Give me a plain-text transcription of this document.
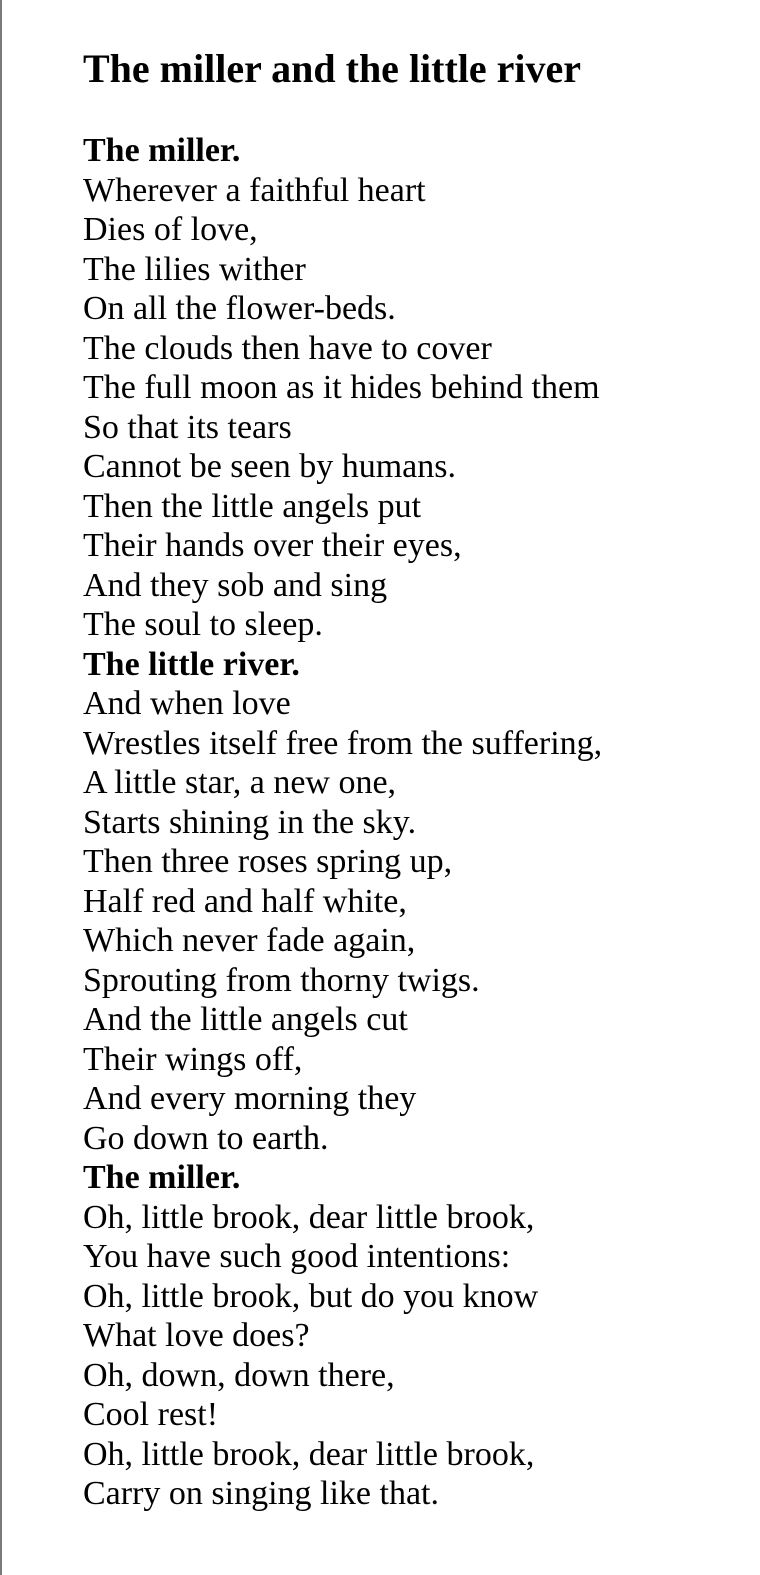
The miller and the little river
The miller.
Wherever a faithful heart
Dies of love,
The lilies wither
On all the flower-beds.
The clouds then have to cover
The full moon as it hides behind them
So that its tears
Cannot be seen by humans.
Then the little angels put
Their hands over their eyes,
And they sob and sing
The soul to sleep.
The little river.
And when love
Wrestles itself free from the suffering,
A little star, a new one,
Starts shining in the sky.
Then three roses spring up,
Half red and half white,
Which never fade again,
Sprouting from thorny twigs.
And the little angels cut
Their wings off,
And every morning they
Go down to earth.
The miller.
Oh, little brook, dear little brook,
You have such good intentions:
Oh, little brook, but do you know
What love does?
Oh, down, down there,
Cool rest!
Oh, little brook, dear little brook,
Carry on singing like that.
